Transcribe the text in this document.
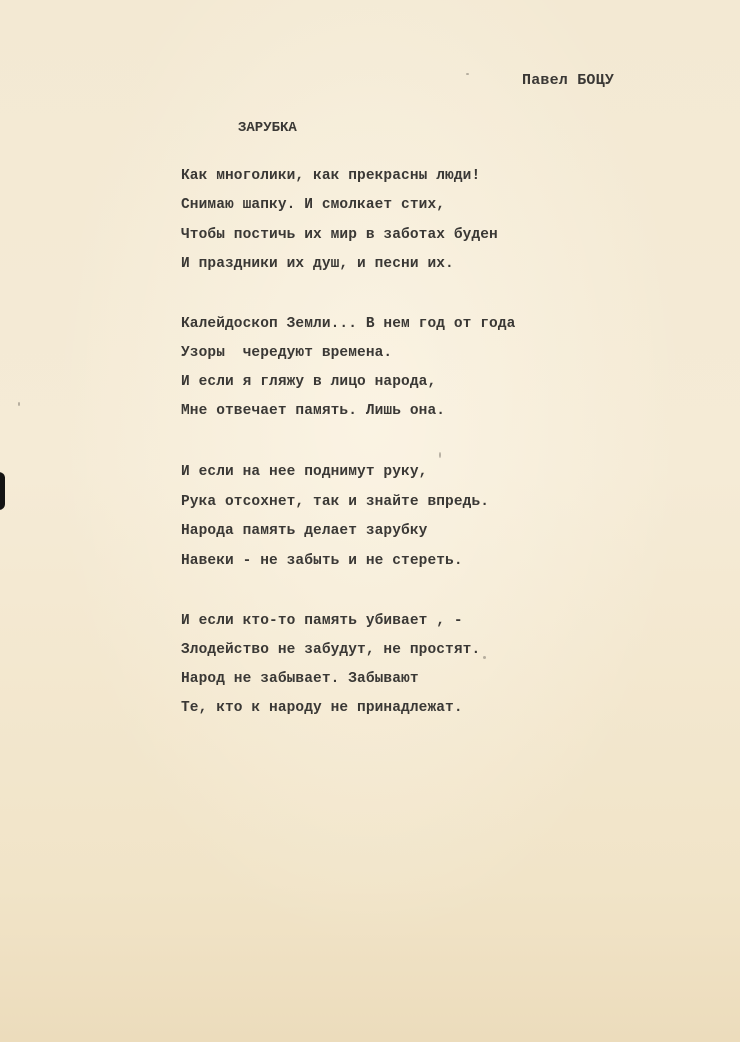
Павел БОЦУ
ЗАРУБКА
Как многолики, как прекрасны люди!
Снимаю шапку. И смолкает стих,
Чтобы постичь их мир в заботах буден
И праздники их душ, и песни их.
Калейдоскоп Земли... В нем год от года
Узоры  чередуют времена.
И если я гляжу в лицо народа,
Мне отвечает память. Лишь она.
И если на нее поднимут руку,
Рука отсохнет, так и знайте впредь.
Народа память делает зарубку
Навеки - не забыть и не стереть.
И если кто-то память убивает , -
Злодейство не забудут, не простят.
Народ не забывает. Забывают
Те, кто к народу не принадлежат.
